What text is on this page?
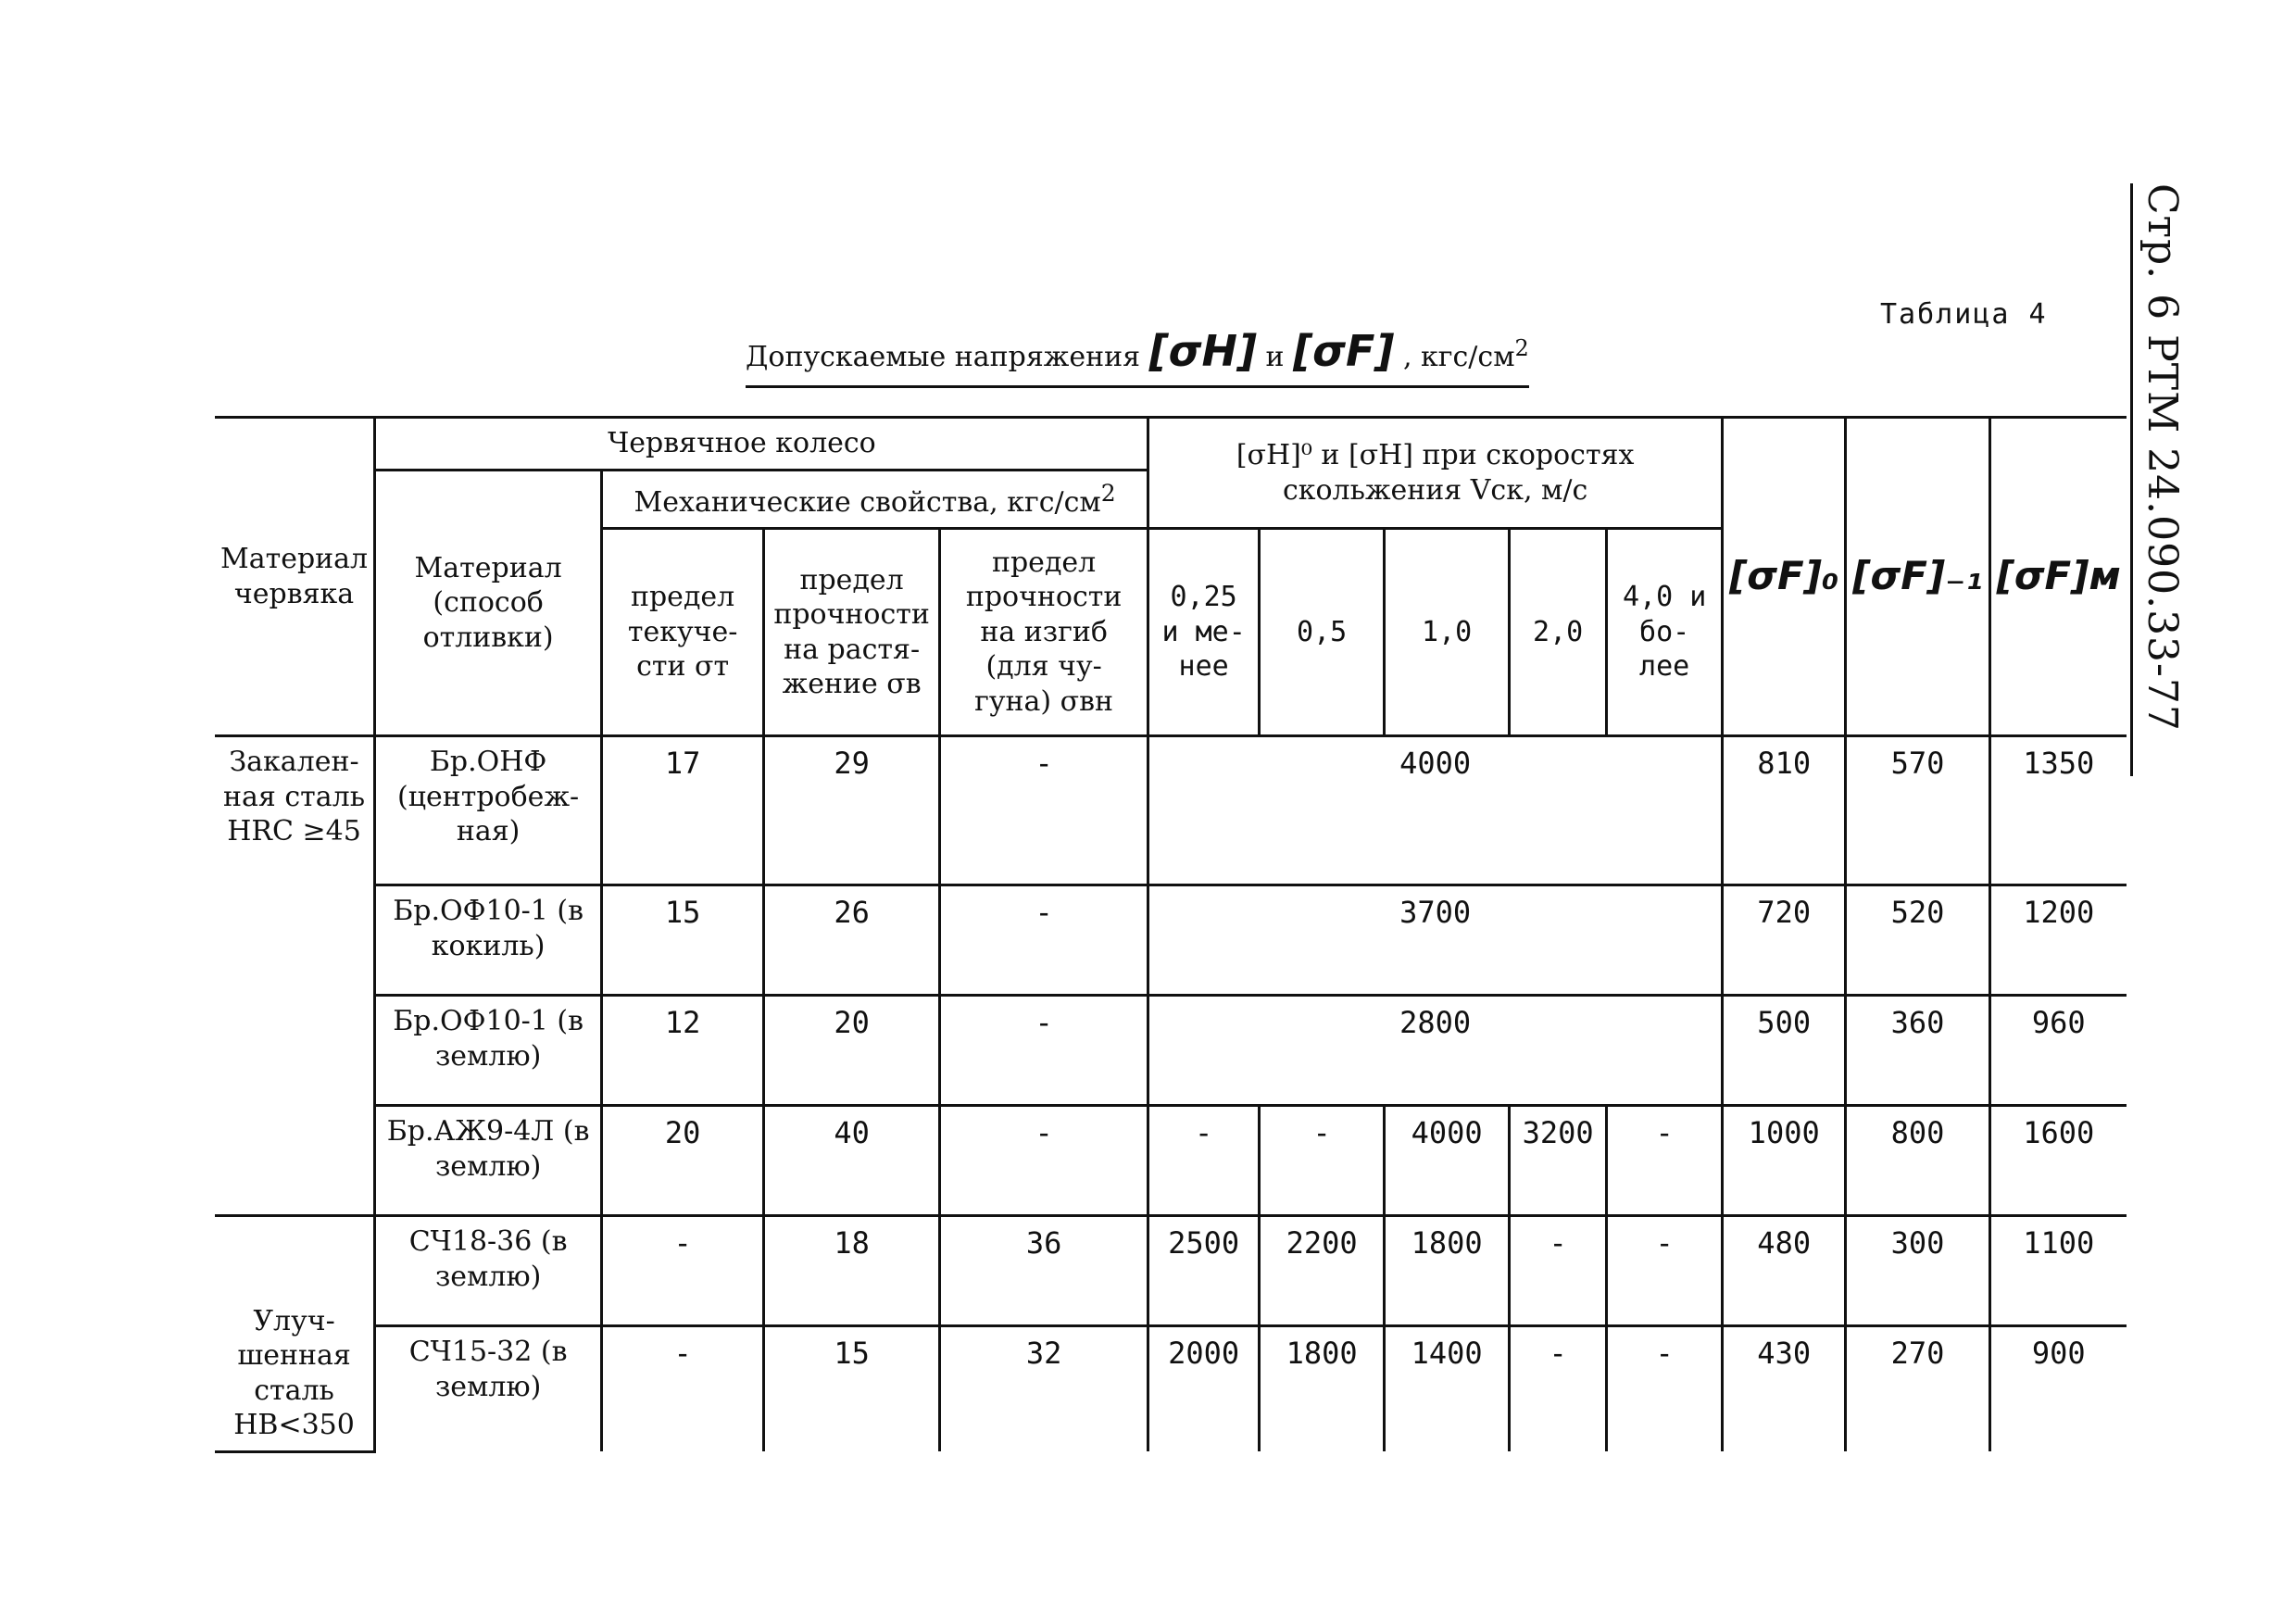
Стр. 6 РТМ 24.090.33-77
Таблица 4
Допускаемые напряжения [σH] и [σF] , кгс/$см^2$
Материал червяка	Червячное колесо				[σH]⁰ и [σH] при скоростях скольжения Vск, м/с					[σF]₀	[σF]₋₁	[σF]м
	Материал (способ отливки)	Механические свойства, кгс/$см^2$
		предел текуче- сти σт	предел прочности на растя- жение σв	предел прочности на изгиб (для чу- гуна) σвн	0,25 и ме- нее	0,5	1,0	2,0	4,0 и бо- лее			
Закален- ная сталь HRC ≥45	Бр.ОНФ (центробеж- ная)	17	29	-	4000					810	570	1350
	Бр.ОФ10-1 (в кокиль)	15	26	-	3700					720	520	1200
	Бр.ОФ10-1 (в землю)	12	20	-	2800					500	360	960
	Бр.АЖ9-4Л (в землю)	20	40	-	-	-	4000	3200	-	1000	800	1600
Улуч- шенная сталь HB<350	СЧ18-36 (в землю)	-	18	36	2500	2200	1800	-	-	480	300	1100
	СЧ15-32 (в землю)	-	15	32	2000	1800	1400	-	-	430	270	900
